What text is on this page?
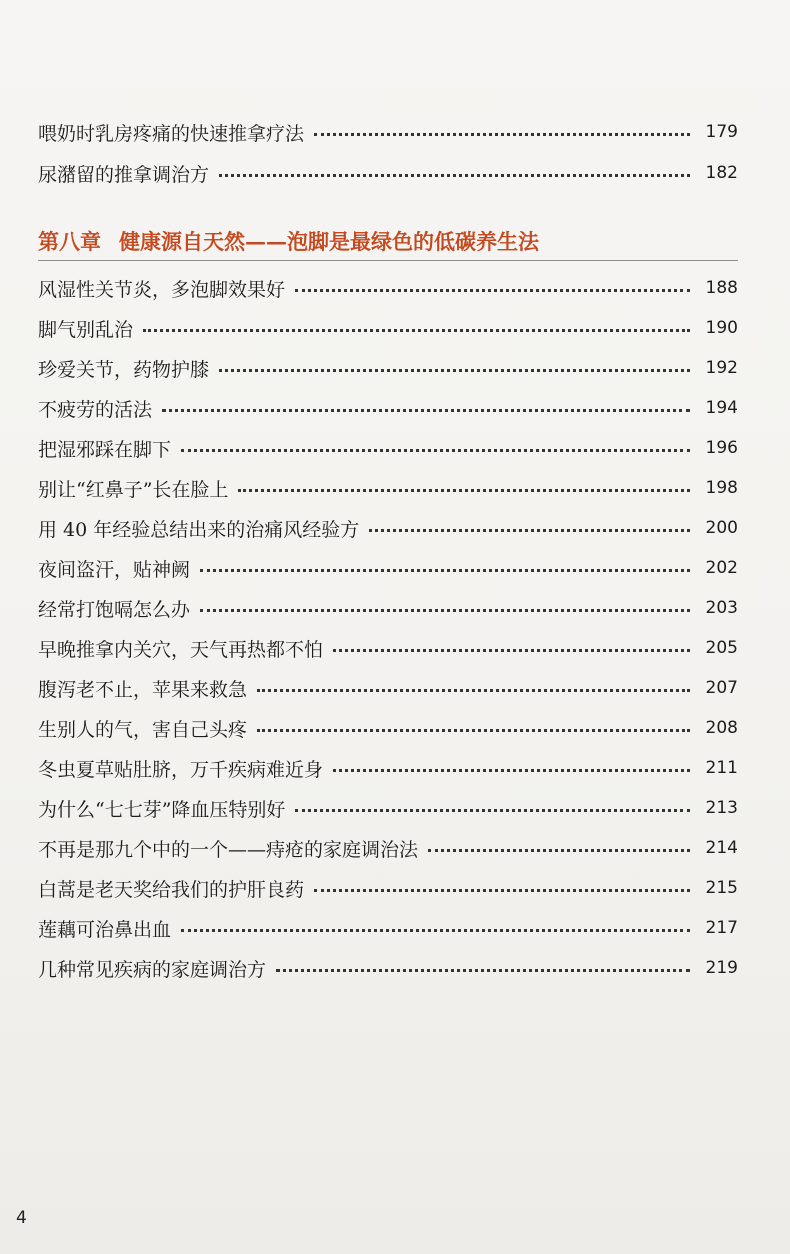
喂奶时乳房疼痛的快速推拿疗法	179
尿潴留的推拿调治方	182
第八章 健康源自天然——泡脚是最绿色的低碳养生法
风湿性关节炎，多泡脚效果好	188
脚气别乱治	190
珍爱关节，药物护膝	192
不疲劳的活法	194
把湿邪踩在脚下	196
别让“红鼻子”长在脸上	198
用 40 年经验总结出来的治痛风经验方	200
夜间盗汗，贴神阙	202
经常打饱嗝怎么办	203
早晚推拿内关穴，天气再热都不怕	205
腹泻老不止，苹果来救急	207
生别人的气，害自己头疼	208
冬虫夏草贴肚脐，万千疾病难近身	211
为什么“七七芽”降血压特别好	213
不再是那九个中的一个——痔疮的家庭调治法	214
白蒿是老天奖给我们的护肝良药	215
莲藕可治鼻出血	217
几种常见疾病的家庭调治方	219
4
